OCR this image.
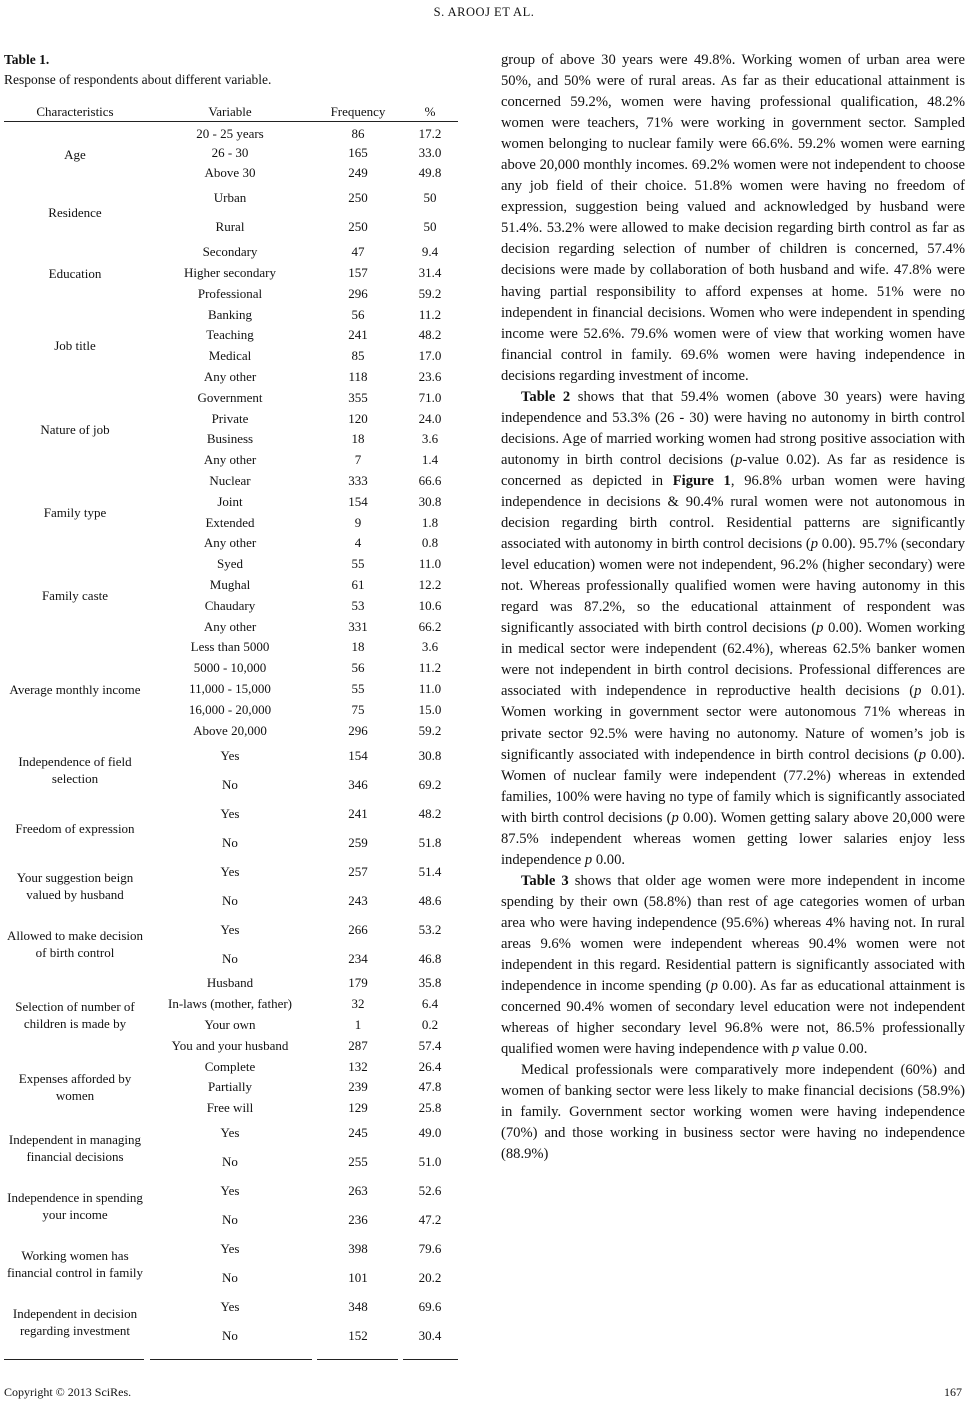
S. AROOJ ET AL.
Table 1.
Response of respondents about different variable.
Characteristics	Variable	Frequency	%
Age	20 - 25 years	86	17.2
	26 - 30	165	33.0
	Above 30	249	49.8
Residence	Urban	250	50
	Rural	250	50
Education	Secondary	47	9.4
	Higher secondary	157	31.4
	Professional	296	59.2
Job title	Banking	56	11.2
	Teaching	241	48.2
	Medical	85	17.0
	Any other	118	23.6
Nature of job	Government	355	71.0
	Private	120	24.0
	Business	18	3.6
	Any other	7	1.4
Family type	Nuclear	333	66.6
	Joint	154	30.8
	Extended	9	1.8
	Any other	4	0.8
Family caste	Syed	55	11.0
	Mughal	61	12.2
	Chaudary	53	10.6
	Any other	331	66.2
Average monthly income	Less than 5000	18	3.6
	5000 - 10,000	56	11.2
	11,000 - 15,000	55	11.0
	16,000 - 20,000	75	15.0
	Above 20,000	296	59.2
Independence of field selection	Yes	154	30.8
	No	346	69.2
Freedom of expression	Yes	241	48.2
	No	259	51.8
Your suggestion beign valued by husband	Yes	257	51.4
	No	243	48.6
Allowed to make decision of birth control	Yes	266	53.2
	No	234	46.8
Selection of number of children is made by	Husband	179	35.8
	In-laws (mother, father)	32	6.4
	Your own	1	0.2
	You and your husband	287	57.4
Expenses afforded by women	Complete	132	26.4
	Partially	239	47.8
	Free will	129	25.8
Independent in managing financial decisions	Yes	245	49.0
	No	255	51.0
Independence in spending your income	Yes	263	52.6
	No	236	47.2
Working women has financial control in family	Yes	398	79.6
	No	101	20.2
Independent in decision regarding investment	Yes	348	69.6
	No	152	30.4

group of above 30 years were 49.8%. Working women of urban area were 50%, and 50% were of rural areas. As far as their educational attainment is concerned 59.2%, women were having professional qualification, 48.2% women were teachers, 71% were working in government sector. Sampled women belonging to nuclear family were 66.6%. 59.2% women were earning above 20,000 monthly incomes. 69.2% women were not independent to choose any job field of their choice. 51.8% women were having no freedom of expression, suggestion being valued and acknowledged by husband were 51.4%. 53.2% were allowed to make decision regarding birth control as far as decision regarding selection of number of children is concerned, 57.4% decisions were made by collaboration of both husband and wife. 47.8% were having partial responsibility to afford expenses at home. 51% were no independent in financial decisions. Women who were independent in spending income were 52.6%. 79.6% women were of view that working women have financial control in family. 69.6% women were having independence in decisions regarding investment of income.

Table 2 shows that that 59.4% women (above 30 years) were having independence and 53.3% (26 - 30) were having no autonomy in birth control decisions. Age of married working women had strong positive association with autonomy in birth control decisions (p-value 0.02). As far as residence is concerned as depicted in Figure 1, 96.8% urban women were having independence in decisions & 90.4% rural women were not autonomous in decision regarding birth control. Residential patterns are significantly associated with autonomy in birth control decisions (p 0.00). 95.7% (secondary level education) women were not independent, 96.2% (higher secondary) were not. Whereas professionally qualified women were having autonomy in this regard was 87.2%, so the educational attainment of respondent was significantly associated with birth control decisions (p 0.00). Women working in medical sector were independent (62.4%), whereas 62.5% banker women were not independent in birth control decisions. Professional differences are associated with independence in reproductive health decisions (p 0.01). Women working in government sector were autonomous 71% whereas in private sector 92.5% were having no autonomy. Nature of women’s job is significantly associated with independence in birth control decisions (p 0.00). Women of nuclear family were independent (77.2%) whereas in extended families, 100% were having no type of family which is significantly associated with birth control decisions (p 0.00). Women getting salary above 20,000 were 87.5% independent whereas women getting lower salaries enjoy less independence p 0.00.

Table 3 shows that older age women were more independent in income spending by their own (58.8%) than rest of age categories women of urban area who were having independence (95.6%) whereas 4% having not. In rural areas 9.6% women were independent whereas 90.4% women were not independent in this regard. Residential pattern is significantly associated with independence in income spending (p 0.00). As far as educational attainment is concerned 90.4% women of secondary level education were not independent whereas of higher secondary level 96.8% were not, 86.5% professionally qualified women were having independence with p value 0.00.

Medical professionals were comparatively more independent (60%) and women of banking sector were less likely to make financial decisions (58.9%) in family. Government sector working women were having independence (70%) and those working in business sector were having no independence (88.9%)

Copyright © 2013 SciRes.	167
